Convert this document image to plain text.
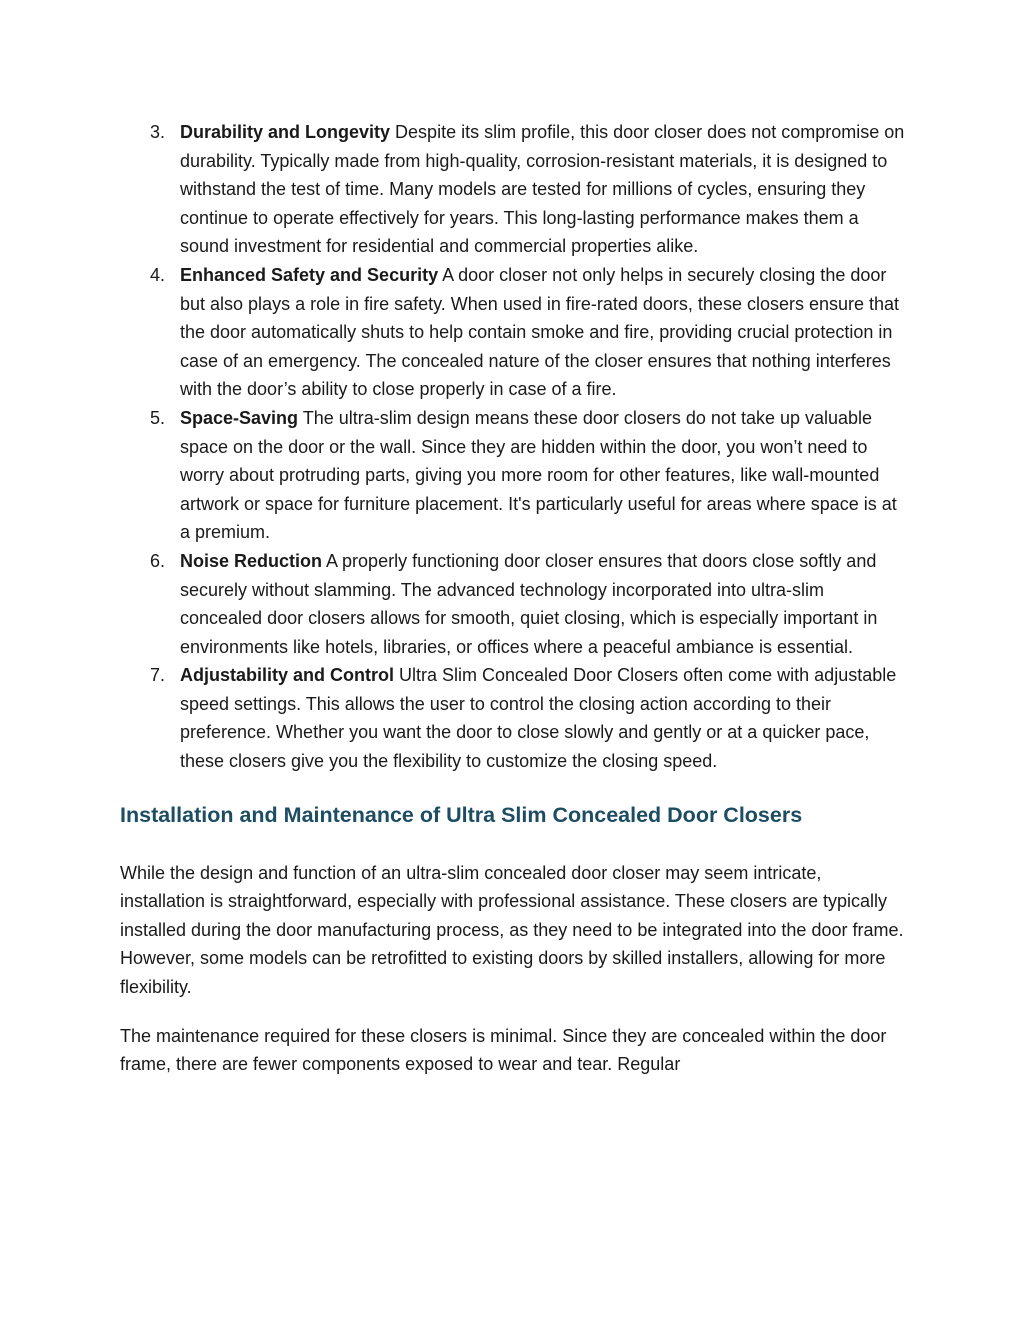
3. Durability and Longevity Despite its slim profile, this door closer does not compromise on durability. Typically made from high-quality, corrosion-resistant materials, it is designed to withstand the test of time. Many models are tested for millions of cycles, ensuring they continue to operate effectively for years. This long-lasting performance makes them a sound investment for residential and commercial properties alike.
4. Enhanced Safety and Security A door closer not only helps in securely closing the door but also plays a role in fire safety. When used in fire-rated doors, these closers ensure that the door automatically shuts to help contain smoke and fire, providing crucial protection in case of an emergency. The concealed nature of the closer ensures that nothing interferes with the door’s ability to close properly in case of a fire.
5. Space-Saving The ultra-slim design means these door closers do not take up valuable space on the door or the wall. Since they are hidden within the door, you won’t need to worry about protruding parts, giving you more room for other features, like wall-mounted artwork or space for furniture placement. It's particularly useful for areas where space is at a premium.
6. Noise Reduction A properly functioning door closer ensures that doors close softly and securely without slamming. The advanced technology incorporated into ultra-slim concealed door closers allows for smooth, quiet closing, which is especially important in environments like hotels, libraries, or offices where a peaceful ambiance is essential.
7. Adjustability and Control Ultra Slim Concealed Door Closers often come with adjustable speed settings. This allows the user to control the closing action according to their preference. Whether you want the door to close slowly and gently or at a quicker pace, these closers give you the flexibility to customize the closing speed.
Installation and Maintenance of Ultra Slim Concealed Door Closers

While the design and function of an ultra-slim concealed door closer may seem intricate, installation is straightforward, especially with professional assistance. These closers are typically installed during the door manufacturing process, as they need to be integrated into the door frame. However, some models can be retrofitted to existing doors by skilled installers, allowing for more flexibility.

The maintenance required for these closers is minimal. Since they are concealed within the door frame, there are fewer components exposed to wear and tear. Regular
